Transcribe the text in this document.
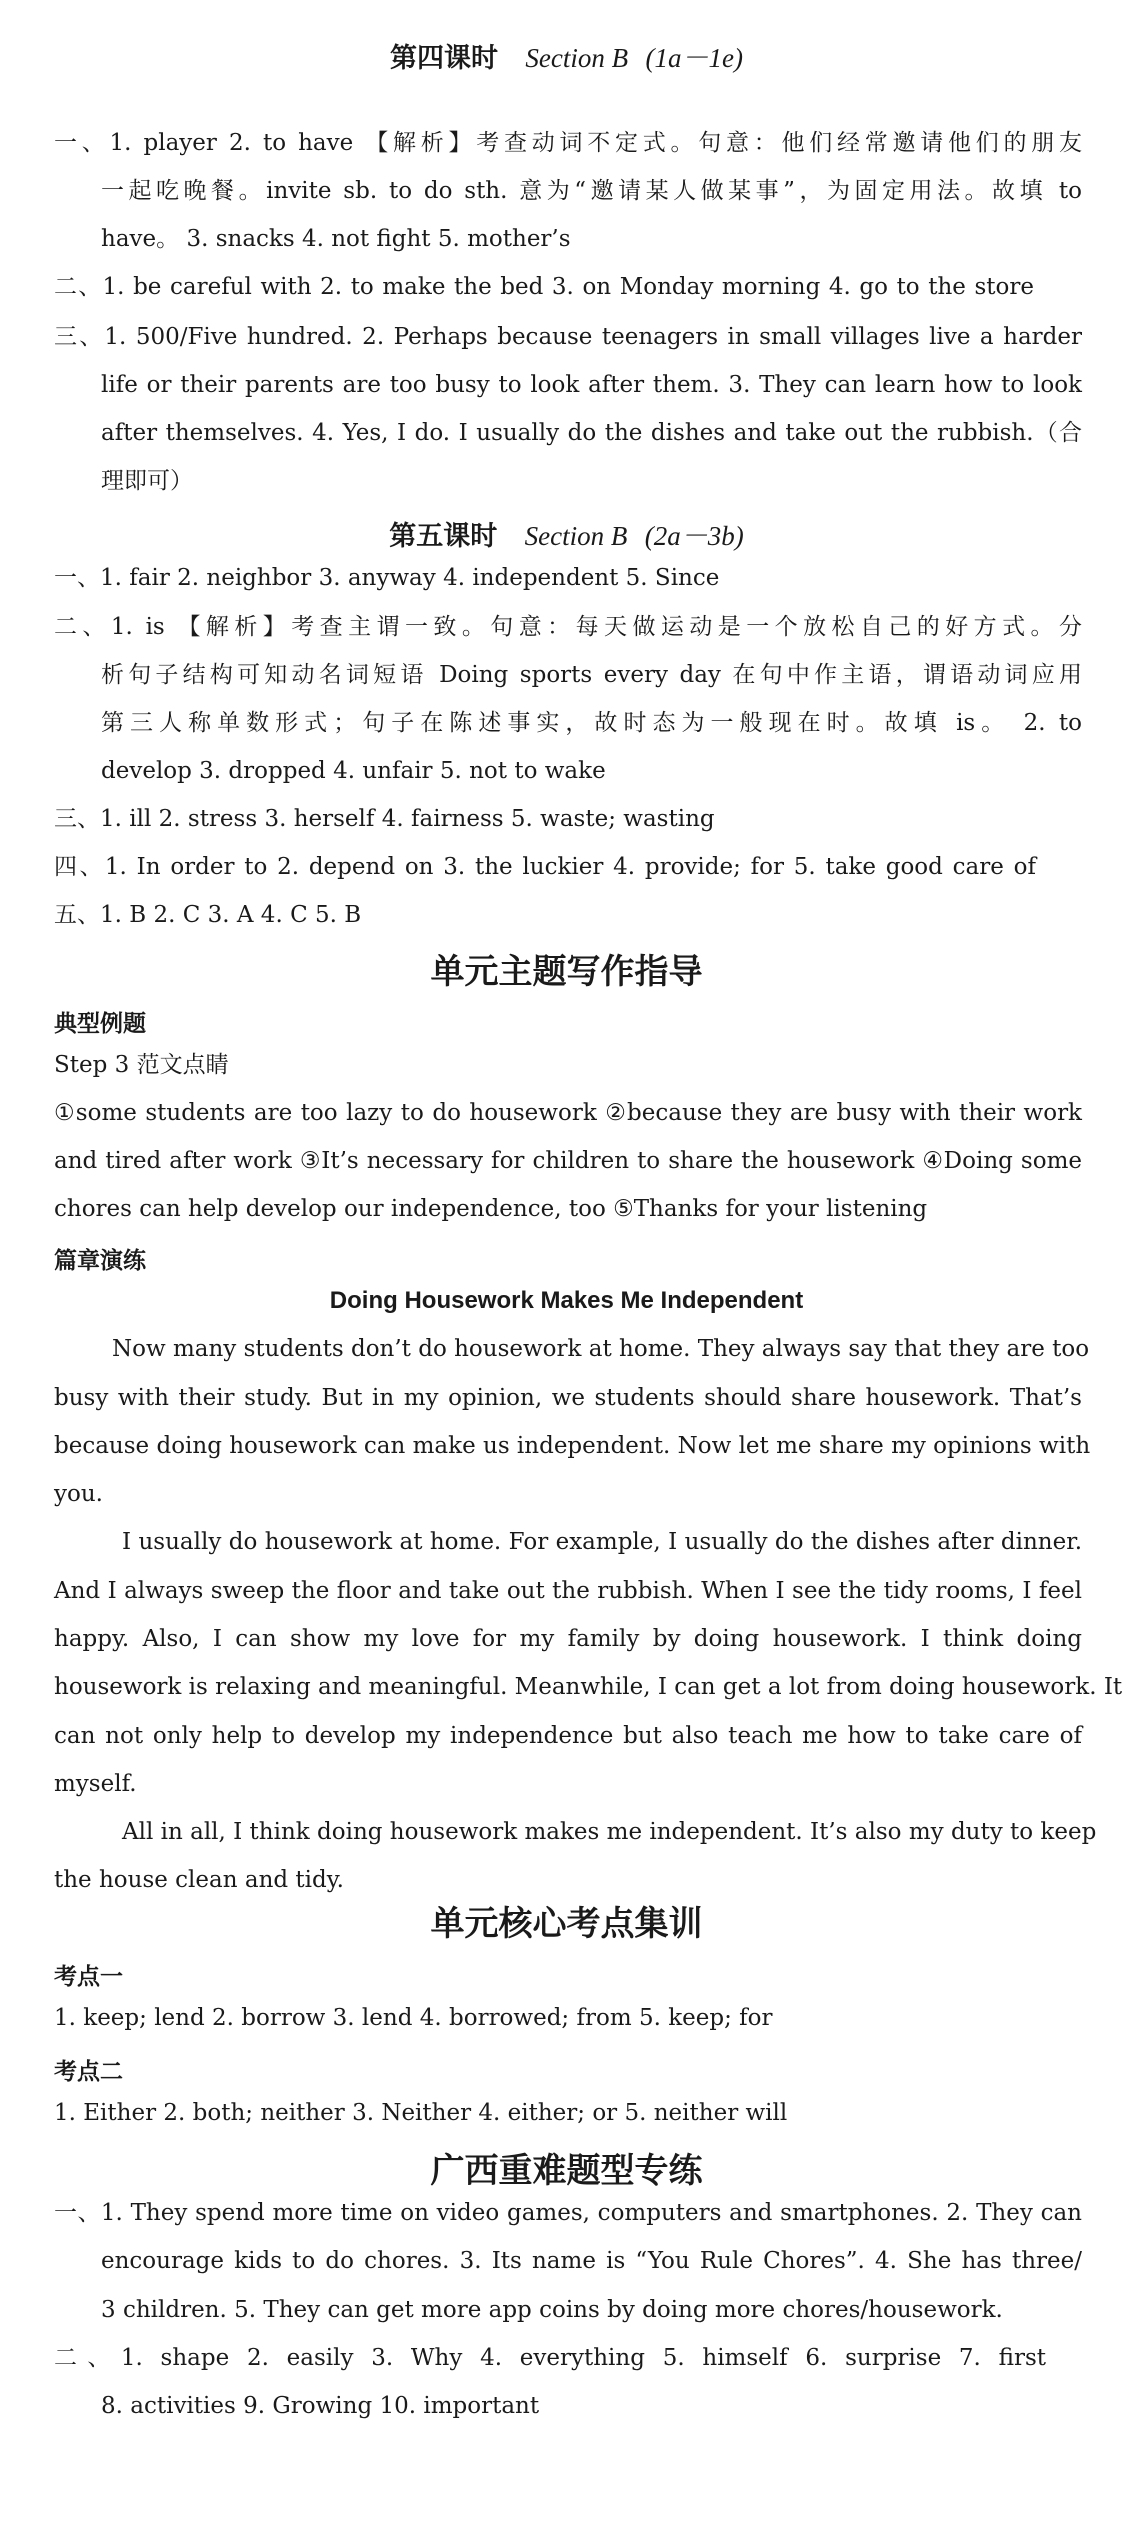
第四课时 Section B (1a－1e)
一、1. player 2. to have 【解析】考查动词不定式。句意：他们经常邀请他们的朋友
一起吃晚餐。invite sb. to do sth. 意为“邀请某人做某事”，为固定用法。故填 to
have。 3. snacks 4. not fight 5. mother’s
二、1. be careful with 2. to make the bed 3. on Monday morning 4. go to the store
三、1. 500/Five hundred. 2. Perhaps because teenagers in small villages live a harder
life or their parents are too busy to look after them. 3. They can learn how to look
after themselves. 4. Yes, I do. I usually do the dishes and take out the rubbish.（合
理即可）
第五课时 Section B (2a－3b)
一、1. fair 2. neighbor 3. anyway 4. independent 5. Since
二、1. is 【解析】考查主谓一致。句意：每天做运动是一个放松自己的好方式。分
析句子结构可知动名词短语 Doing sports every day 在句中作主语，谓语动词应用
第三人称单数形式；句子在陈述事实，故时态为一般现在时。故填 is。 2. to
develop 3. dropped 4. unfair 5. not to wake
三、1. ill 2. stress 3. herself 4. fairness 5. waste; wasting
四、1. In order to 2. depend on 3. the luckier 4. provide; for 5. take good care of
五、1. B 2. C 3. A 4. C 5. B
单元主题写作指导
典型例题
Step 3 范文点睛
①some students are too lazy to do housework ②because they are busy with their work
and tired after work ③It’s necessary for children to share the housework ④Doing some
chores can help develop our independence, too ⑤Thanks for your listening
篇章演练
Doing Housework Makes Me Independent
Now many students don’t do housework at home. They always say that they are too
busy with their study. But in my opinion, we students should share housework. That’s
because doing housework can make us independent. Now let me share my opinions with
you.
I usually do housework at home. For example, I usually do the dishes after dinner.
And I always sweep the floor and take out the rubbish. When I see the tidy rooms, I feel
happy. Also, I can show my love for my family by doing housework. I think doing
housework is relaxing and meaningful. Meanwhile, I can get a lot from doing housework. It
can not only help to develop my independence but also teach me how to take care of
myself.
All in all, I think doing housework makes me independent. It’s also my duty to keep
the house clean and tidy.
单元核心考点集训
考点一
1. keep; lend 2. borrow 3. lend 4. borrowed; from 5. keep; for
考点二
1. Either 2. both; neither 3. Neither 4. either; or 5. neither will
广西重难题型专练
一、1. They spend more time on video games, computers and smartphones. 2. They can
encourage kids to do chores. 3. Its name is “You Rule Chores”. 4. She has three/
3 children. 5. They can get more app coins by doing more chores/housework.
二、1. shape 2. easily 3. Why 4. everything 5. himself 6. surprise 7. first
8. activities 9. Growing 10. important
